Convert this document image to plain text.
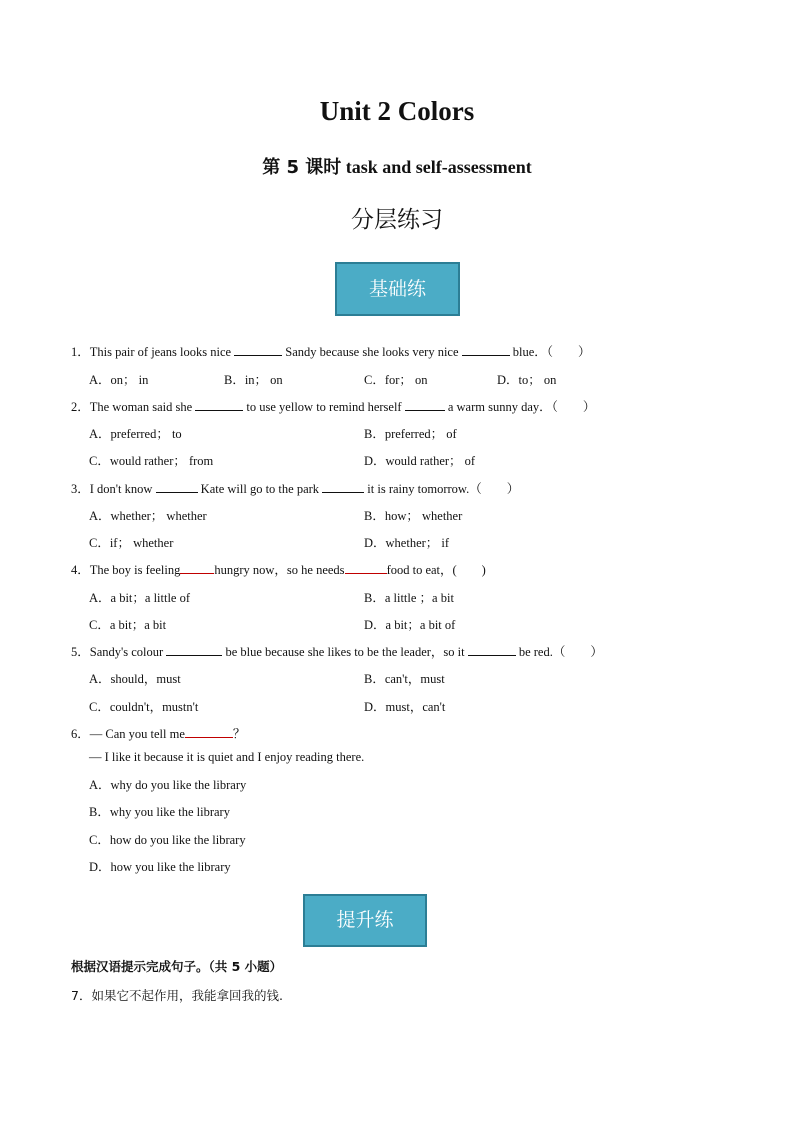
Unit 2 Colors
第 5 课时 task and self-assessment
分层练习
基础练
1．This pair of jeans looks nice	Sandy because she looks very nice	blue．（　　）
A．on； in	B．in； on	C．for； on	D．to； on
2．The woman said she	to use yellow to remind herself	a warm sunny day．（　　）
A．preferred； to	B．preferred； of
C．would rather； from	D．would rather； of
3．I don't know	Kate will go to the park	it is rainy tomorrow.（　　）
A．whether； whether	B．how； whether
C．if； whether	D．whether； if
4．The boy is feeling	hungry now，so he needs	food to eat，(　　)
A．a bit；a little of	B．a little ；a bit
C．a bit；a bit	D．a bit；a bit of
5．Sandy's colour	be blue because she likes to be the leader，so it	be red.（　　）
A．should，must	B．can't，must
C．couldn't，mustn't	D．must，can't
6．— Can you tell me	？
— I like it because it is quiet and I enjoy reading there.
A．why do you like the library
B．why you like the library
C．how do you like the library
D．how you like the library
提升练
根据汉语提示完成句子。（共 5 小题）
7．如果它不起作用，我能拿回我的钱.
